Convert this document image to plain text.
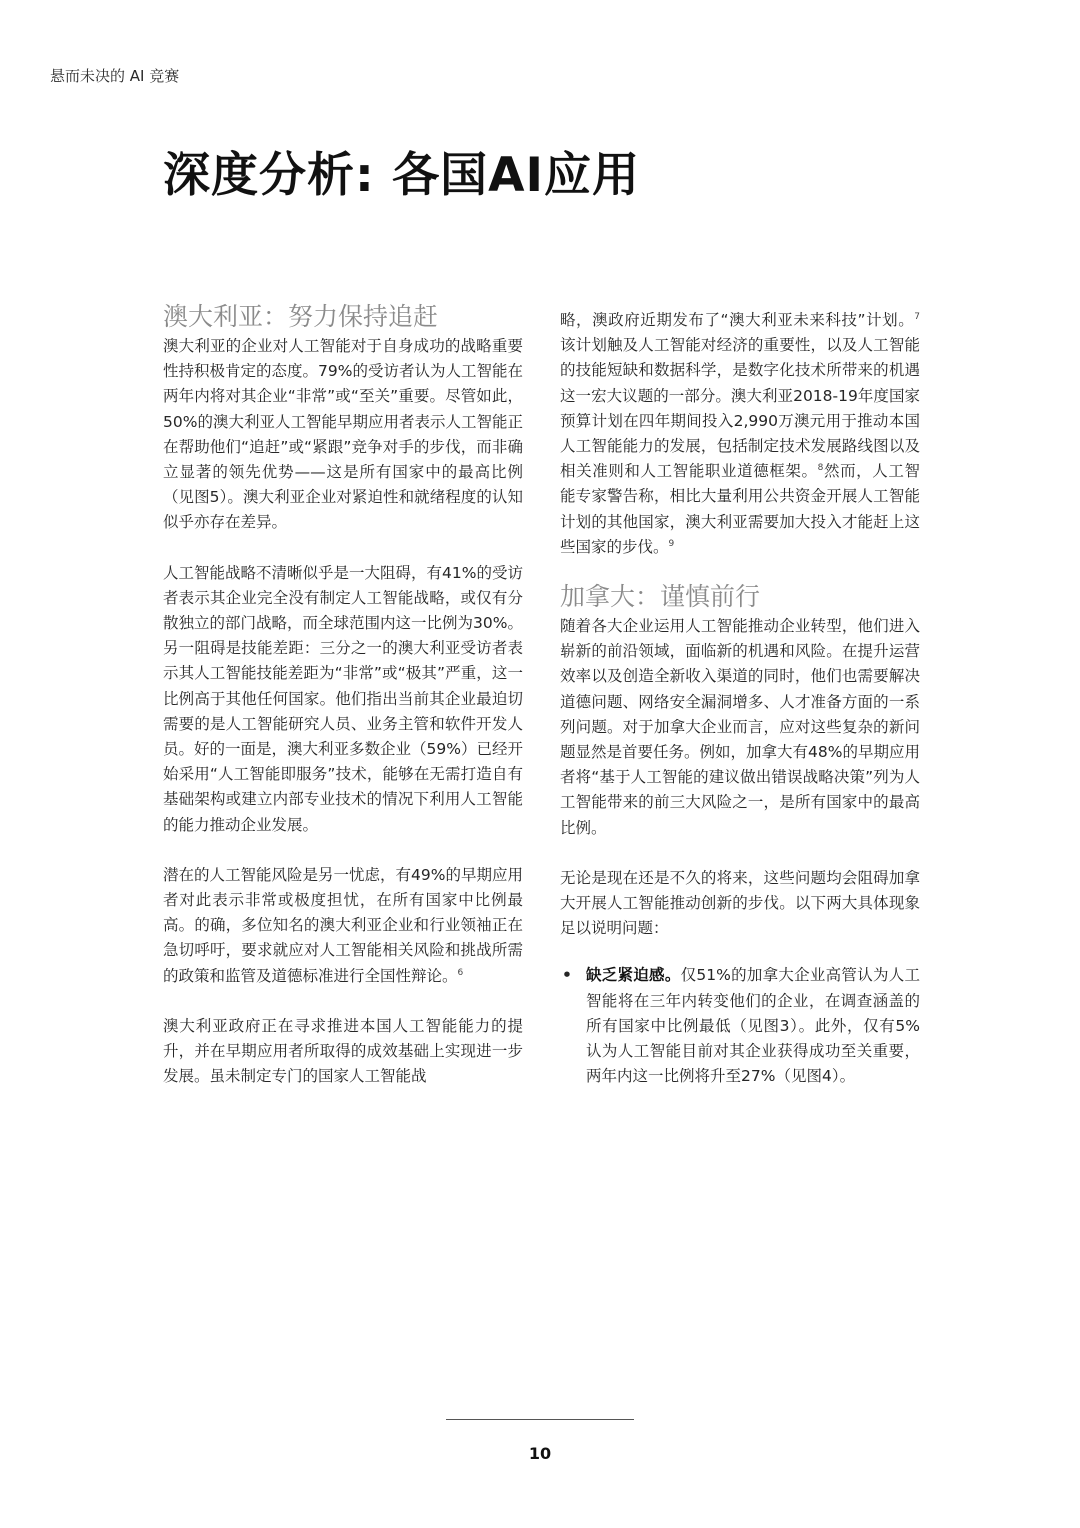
悬而未决的 AI 竞赛
深度分析: 各国AI应用
澳大利亚：努力保持追赶

澳大利亚的企业对人工智能对于自身成功的战略重要性持积极肯定的态度。79%的受访者认为人工智能在两年内将对其企业“非常”或“至关”重要。尽管如此，50%的澳大利亚人工智能早期应用者表示人工智能正在帮助他们“追赶”或“紧跟”竞争对手的步伐，而非确立显著的领先优势——这是所有国家中的最高比例（见图5）。澳大利亚企业对紧迫性和就绪程度的认知似乎亦存在差异。

人工智能战略不清晰似乎是一大阻碍，有41%的受访者表示其企业完全没有制定人工智能战略，或仅有分散独立的部门战略，而全球范围内这一比例为30%。另一阻碍是技能差距：三分之一的澳大利亚受访者表示其人工智能技能差距为“非常”或“极其”严重，这一比例高于其他任何国家。他们指出当前其企业最迫切需要的是人工智能研究人员、业务主管和软件开发人员。好的一面是，澳大利亚多数企业（59%）已经开始采用“人工智能即服务”技术，能够在无需打造自有基础架构或建立内部专业技术的情况下利用人工智能的能力推动企业发展。

潜在的人工智能风险是另一忧虑，有49%的早期应用者对此表示非常或极度担忧，在所有国家中比例最高。的确，多位知名的澳大利亚企业和行业领袖正在急切呼吁，要求就应对人工智能相关风险和挑战所需的政策和监管及道德标准进行全国性辩论。$^6$

澳大利亚政府正在寻求推进本国人工智能能力的提升，并在早期应用者所取得的成效基础上实现进一步发展。虽未制定专门的国家人工智能战

略，澳政府近期发布了“澳大利亚未来科技”计划。$^7$该计划触及人工智能对经济的重要性，以及人工智能的技能短缺和数据科学，是数字化技术所带来的机遇这一宏大议题的一部分。澳大利亚2018-19年度国家预算计划在四年期间投入2,990万澳元用于推动本国人工智能能力的发展，包括制定技术发展路线图以及相关准则和人工智能职业道德框架。$^8$然而，人工智能专家警告称，相比大量利用公共资金开展人工智能计划的其他国家，澳大利亚需要加大投入才能赶上这些国家的步伐。$^9$

加拿大：谨慎前行

随着各大企业运用人工智能推动企业转型，他们进入崭新的前沿领域，面临新的机遇和风险。在提升运营效率以及创造全新收入渠道的同时，他们也需要解决道德问题、网络安全漏洞增多、人才准备方面的一系列问题。对于加拿大企业而言，应对这些复杂的新问题显然是首要任务。例如，加拿大有48%的早期应用者将“基于人工智能的建议做出错误战略决策”列为人工智能带来的前三大风险之一，是所有国家中的最高比例。

无论是现在还是不久的将来，这些问题均会阻碍加拿大开展人工智能推动创新的步伐。以下两大具体现象足以说明问题：

• 缺乏紧迫感。仅51%的加拿大企业高管认为人工智能将在三年内转变他们的企业，在调查涵盖的所有国家中比例最低（见图3）。此外，仅有5%认为人工智能目前对其企业获得成功至关重要，两年内这一比例将升至27%（见图4）。
10
